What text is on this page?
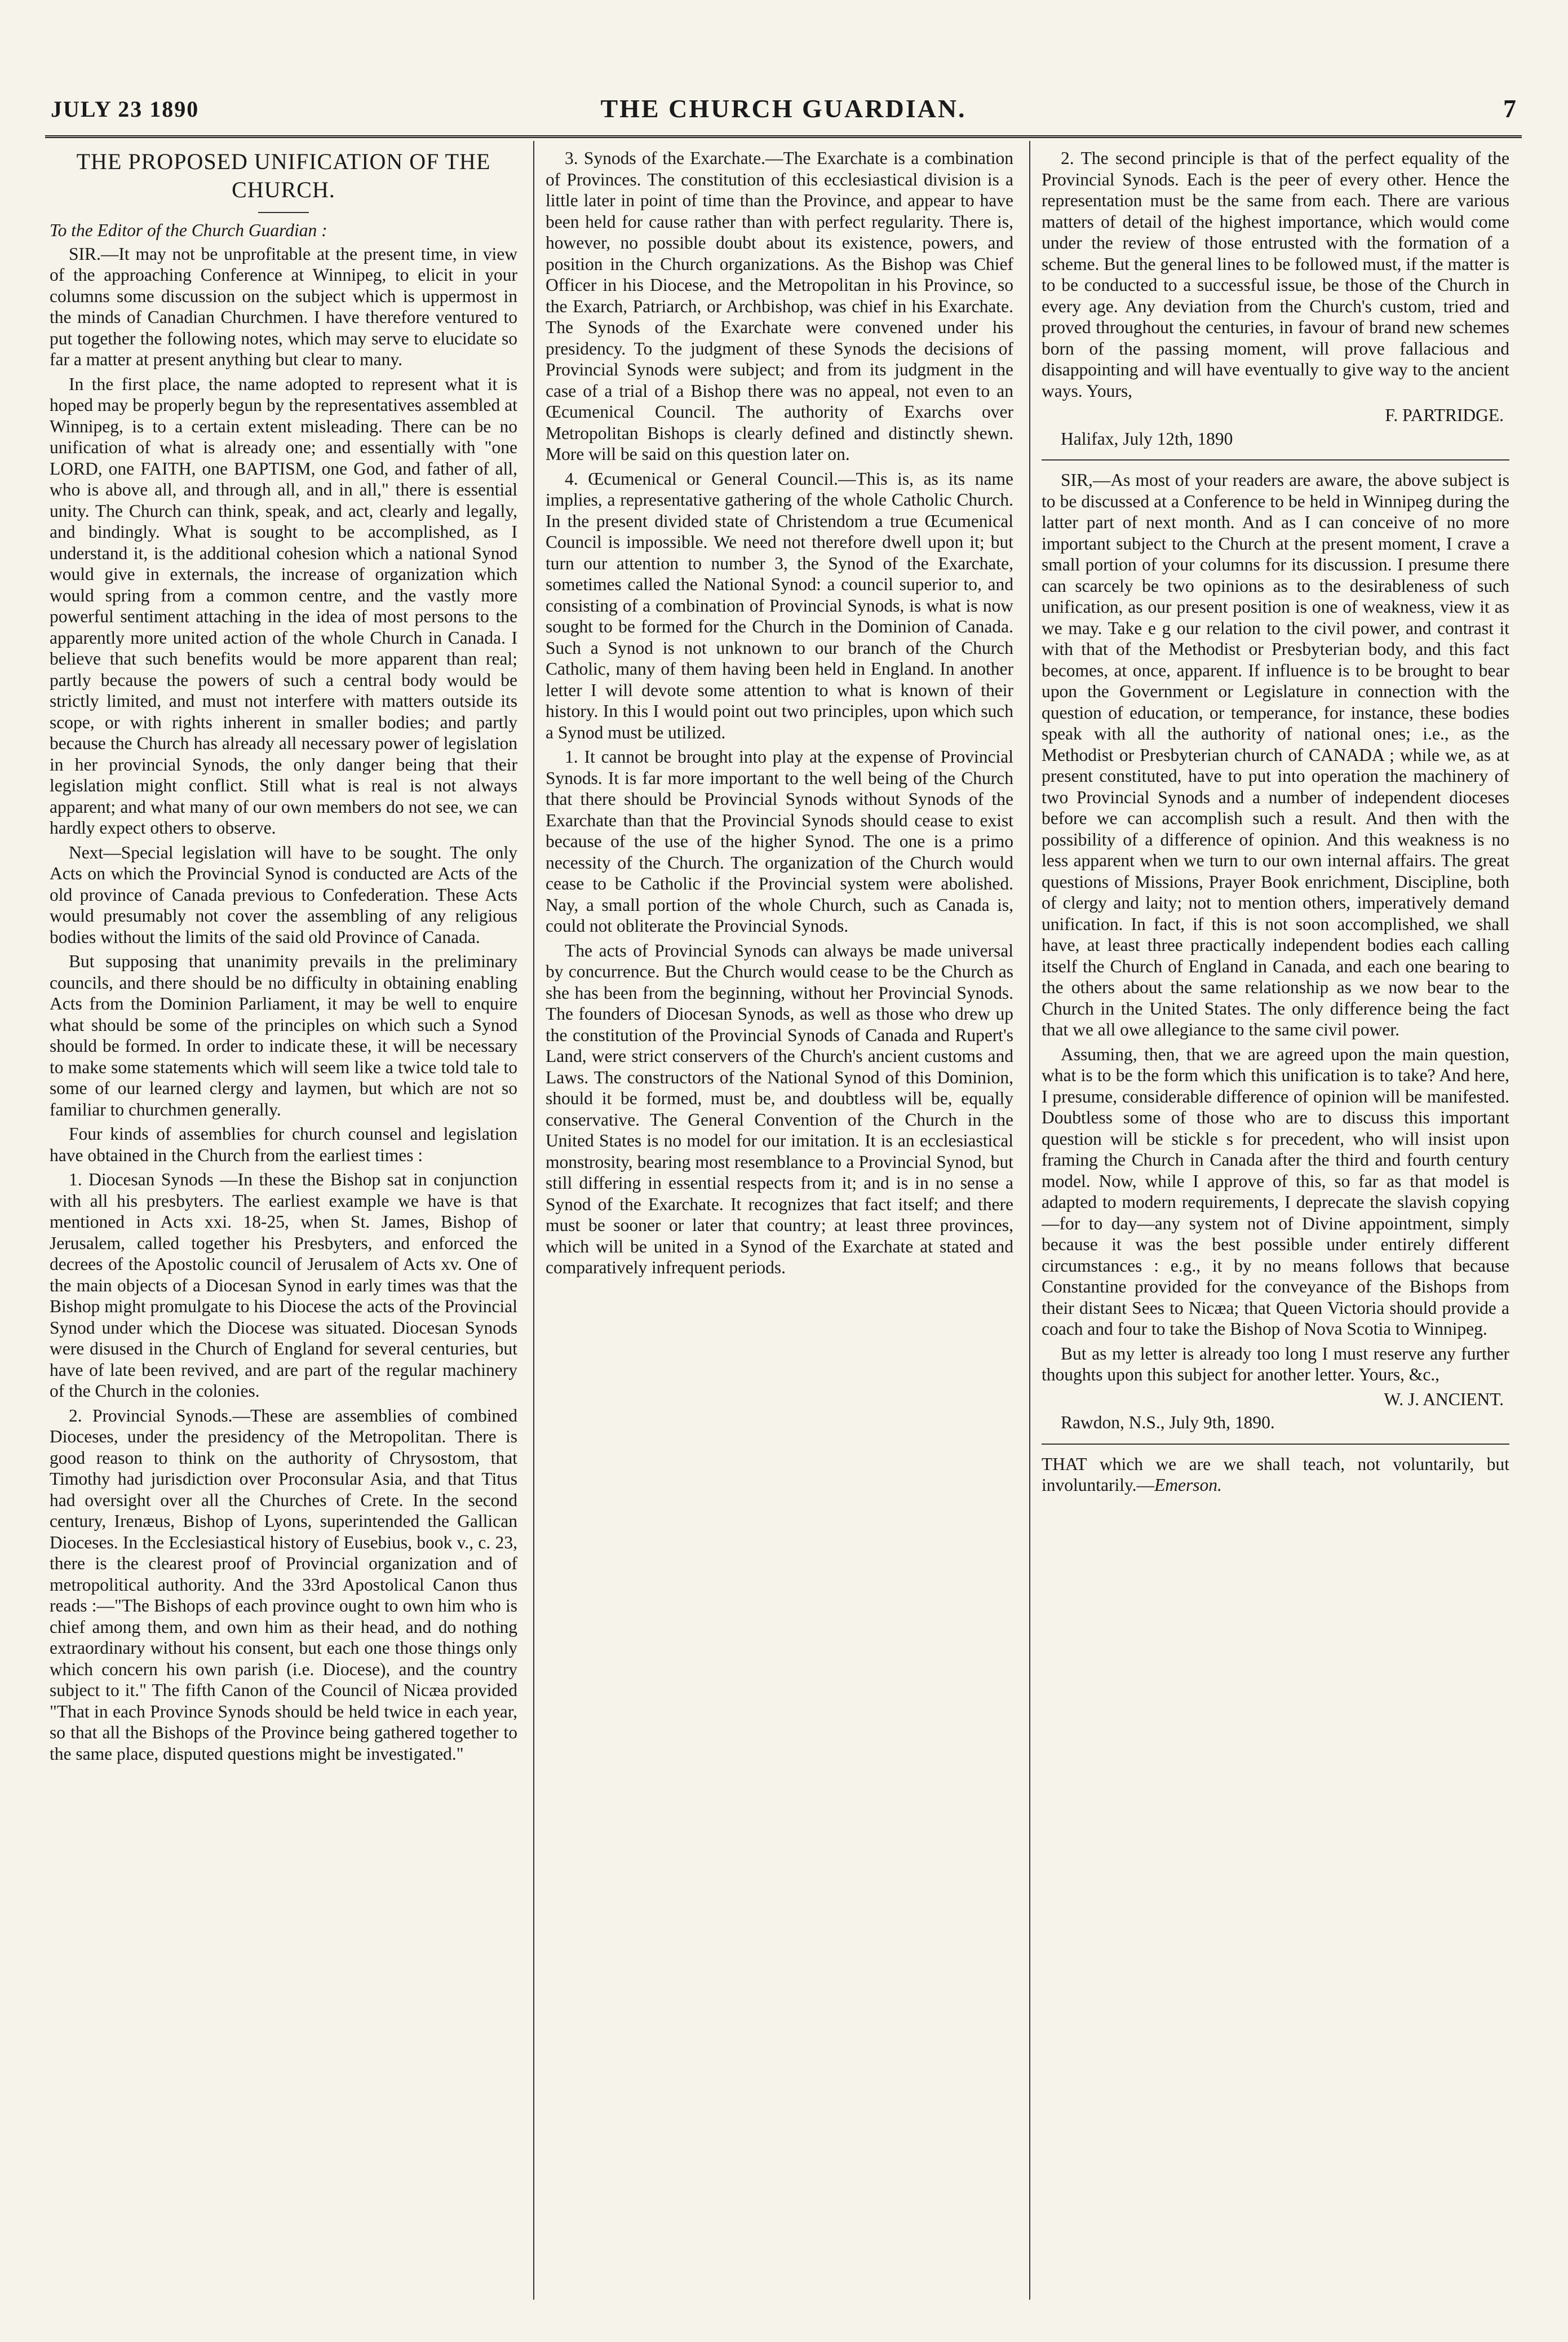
JULY 23 1890	THE CHURCH GUARDIAN.	7
THE PROPOSED UNIFICATION OF THE CHURCH.
To the Editor of the Church Guardian :

SIR.—It may not be unprofitable at the present time, in view of the approaching Conference at Winnipeg, to elicit in your columns some discussion on the subject which is uppermost in the minds of Canadian Churchmen. I have therefore ventured to put together the following notes, which may serve to elucidate so far a matter at present anything but clear to many.

In the first place, the name adopted to represent what it is hoped may be properly begun by the representatives assembled at Winnipeg, is to a certain extent misleading. There can be no unification of what is already one; and essentially with "one LORD, one FAITH, one BAPTISM, one God, and father of all, who is above all, and through all, and in all," there is essential unity. The Church can think, speak, and act, clearly and legally, and bindingly. What is sought to be accomplished, as I understand it, is the additional cohesion which a national Synod would give in externals, the increase of organization which would spring from a common centre, and the vastly more powerful sentiment attaching in the idea of most persons to the apparently more united action of the whole Church in Canada. I believe that such benefits would be more apparent than real; partly because the powers of such a central body would be strictly limited, and must not interfere with matters outside its scope, or with rights inherent in smaller bodies; and partly because the Church has already all necessary power of legislation in her provincial Synods, the only danger being that their legislation might conflict. Still what is real is not always apparent; and what many of our own members do not see, we can hardly expect others to observe.

Next—Special legislation will have to be sought. The only Acts on which the Provincial Synod is conducted are Acts of the old province of Canada previous to Confederation. These Acts would presumably not cover the assembling of any religious bodies without the limits of the said old Province of Canada.

But supposing that unanimity prevails in the preliminary councils, and there should be no difficulty in obtaining enabling Acts from the Dominion Parliament, it may be well to enquire what should be some of the principles on which such a Synod should be formed. In order to indicate these, it will be necessary to make some statements which will seem like a twice told tale to some of our learned clergy and laymen, but which are not so familiar to churchmen generally.

Four kinds of assemblies for church counsel and legislation have obtained in the Church from the earliest times :

1. Diocesan Synods —In these the Bishop sat in conjunction with all his presbyters. The earliest example we have is that mentioned in Acts xxi. 18-25, when St. James, Bishop of Jerusalem, called together his Presbyters, and enforced the decrees of the Apostolic council of Jerusalem of Acts xv. One of the main objects of a Diocesan Synod in early times was that the Bishop might promulgate to his Diocese the acts of the Provincial Synod under which the Diocese was situated. Diocesan Synods were disused in the Church of England for several centuries, but have of late been revived, and are part of the regular machinery of the Church in the colonies.

2. Provincial Synods.—These are assemblies of combined Dioceses, under the presidency of the Metropolitan. There is good reason to think on the authority of Chrysostom, that Timothy had jurisdiction over Proconsular Asia, and that Titus had oversight over all the Churches of Crete. In the second century, Irenæus, Bishop of Lyons, superintended the Gallican Dioceses. In the Ecclesiastical history of Eusebius, book v., c. 23, there is the clearest proof of Provincial organization and of metropolitical authority. And the 33rd Apostolical Canon thus reads :—"The Bishops of each province ought to own him who is chief among them, and own him as their head, and do nothing extraordinary without his consent, but each one those things only which concern his own parish (i.e. Diocese), and the country subject to it." The fifth Canon of the Council of Nicæa provided "That in each Province Synods should be held twice in each year, so that all the Bishops of the Province being gathered together to the same place, disputed questions might be investigated."

3. Synods of the Exarchate.—The Exarchate is a combination of Provinces. The constitution of this ecclesiastical division is a little later in point of time than the Province, and appear to have been held for cause rather than with perfect regularity. There is, however, no possible doubt about its existence, powers, and position in the Church organizations. As the Bishop was Chief Officer in his Diocese, and the Metropolitan in his Province, so the Exarch, Patriarch, or Archbishop, was chief in his Exarchate. The Synods of the Exarchate were convened under his presidency. To the judgment of these Synods the decisions of Provincial Synods were subject; and from its judgment in the case of a trial of a Bishop there was no appeal, not even to an Œcumenical Council. The authority of Exarchs over Metropolitan Bishops is clearly defined and distinctly shewn. More will be said on this question later on.

4. Œcumenical or General Council.—This is, as its name implies, a representative gathering of the whole Catholic Church. In the present divided state of Christendom a true Œcumenical Council is impossible. We need not therefore dwell upon it; but turn our attention to number 3, the Synod of the Exarchate, sometimes called the National Synod: a council superior to, and consisting of a combination of Provincial Synods, is what is now sought to be formed for the Church in the Dominion of Canada. Such a Synod is not unknown to our branch of the Church Catholic, many of them having been held in England. In another letter I will devote some attention to what is known of their history. In this I would point out two principles, upon which such a Synod must be utilized.

1. It cannot be brought into play at the expense of Provincial Synods. It is far more important to the well being of the Church that there should be Provincial Synods without Synods of the Exarchate than that the Provincial Synods should cease to exist because of the use of the higher Synod. The one is a primo necessity of the Church. The organization of the Church would cease to be Catholic if the Provincial system were abolished. Nay, a small portion of the whole Church, such as Canada is, could not obliterate the Provincial Synods.

The acts of Provincial Synods can always be made universal by concurrence. But the Church would cease to be the Church as she has been from the beginning, without her Provincial Synods. The founders of Diocesan Synods, as well as those who drew up the constitution of the Provincial Synods of Canada and Rupert's Land, were strict conservers of the Church's ancient customs and Laws. The constructors of the National Synod of this Dominion, should it be formed, must be, and doubtless will be, equally conservative. The General Convention of the Church in the United States is no model for our imitation. It is an ecclesiastical monstrosity, bearing most resemblance to a Provincial Synod, but still differing in essential respects from it; and is in no sense a Synod of the Exarchate. It recognizes that fact itself; and there must be sooner or later that country; at least three provinces, which will be united in a Synod of the Exarchate at stated and comparatively infrequent periods.

2. The second principle is that of the perfect equality of the Provincial Synods. Each is the peer of every other. Hence the representation must be the same from each. There are various matters of detail of the highest importance, which would come under the review of those entrusted with the formation of a scheme. But the general lines to be followed must, if the matter is to be conducted to a successful issue, be those of the Church in every age. Any deviation from the Church's custom, tried and proved throughout the centuries, in favour of brand new schemes born of the passing moment, will prove fallacious and disappointing and will have eventually to give way to the ancient ways. Yours,

F. PARTRIDGE.
Halifax, July 12th, 1890

SIR,—As most of your readers are aware, the above subject is to be discussed at a Conference to be held in Winnipeg during the latter part of next month. And as I can conceive of no more important subject to the Church at the present moment, I crave a small portion of your columns for its discussion. I presume there can scarcely be two opinions as to the desirableness of such unification, as our present position is one of weakness, view it as we may. Take e g our relation to the civil power, and contrast it with that of the Methodist or Presbyterian body, and this fact becomes, at once, apparent. If influence is to be brought to bear upon the Government or Legislature in connection with the question of education, or temperance, for instance, these bodies speak with all the authority of national ones; i.e., as the Methodist or Presbyterian church of CANADA ; while we, as at present constituted, have to put into operation the machinery of two Provincial Synods and a number of independent dioceses before we can accomplish such a result. And then with the possibility of a difference of opinion. And this weakness is no less apparent when we turn to our own internal affairs. The great questions of Missions, Prayer Book enrichment, Discipline, both of clergy and laity; not to mention others, imperatively demand unification. In fact, if this is not soon accomplished, we shall have, at least three practically independent bodies each calling itself the Church of England in Canada, and each one bearing to the others about the same relationship as we now bear to the Church in the United States. The only difference being the fact that we all owe allegiance to the same civil power.

Assuming, then, that we are agreed upon the main question, what is to be the form which this unification is to take? And here, I presume, considerable difference of opinion will be manifested. Doubtless some of those who are to discuss this important question will be stickle s for precedent, who will insist upon framing the Church in Canada after the third and fourth century model. Now, while I approve of this, so far as that model is adapted to modern requirements, I deprecate the slavish copying—for to day—any system not of Divine appointment, simply because it was the best possible under entirely different circumstances : e.g., it by no means follows that because Constantine provided for the conveyance of the Bishops from their distant Sees to Nicæa; that Queen Victoria should provide a coach and four to take the Bishop of Nova Scotia to Winnipeg.

But as my letter is already too long I must reserve any further thoughts upon this subject for another letter. Yours, &c.,

W. J. ANCIENT.
Rawdon, N.S., July 9th, 1890.

THAT which we are we shall teach, not voluntarily, but involuntarily.—Emerson.
